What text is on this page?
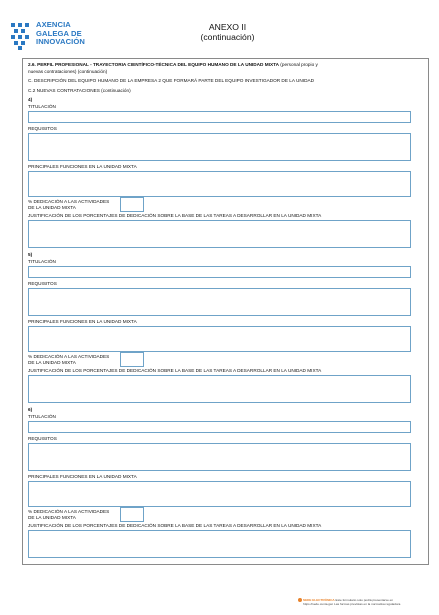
AXENCIA
GALEGA DE
INNOVACIÓN
ANEXO II
(continuación)
2.6. PERFIL PROFESIONAL - TRAYECTORIA CIENTÍFICO-TÉCNICA DEL EQUIPO HUMANO DE LA UNIDAD MIXTA (personal propio y
nuevas contrataciones) (continuación)
C. DESCRIPCIÓN DEL EQUIPO HUMANO DE LA EMPRESA 2 QUE FORMARÁ PARTE DEL EQUIPO INVESTIGADOR DE LA UNIDAD
C.2 NUEVAS CONTRATACIONES (continuación)
4)
TITULACIÓN
REQUISITOS
PRINCIPALES FUNCIONES EN LA UNIDAD MIXTA
% DEDICACIÓN A LAS ACTIVIDADES
DE LA UNIDAD MIXTA
JUSTIFICACIÓN DE LOS PORCENTAJES DE DEDICACIÓN SOBRE LA BASE DE LAS TAREAS A DESARROLLAR EN LA UNIDAD MIXTA
5)
TITULACIÓN
REQUISITOS
PRINCIPALES FUNCIONES EN LA UNIDAD MIXTA
% DEDICACIÓN A LAS ACTIVIDADES
DE LA UNIDAD MIXTA
JUSTIFICACIÓN DE LOS PORCENTAJES DE DEDICACIÓN SOBRE LA BASE DE LAS TAREAS A DESARROLLAR EN LA UNIDAD MIXTA
6)
TITULACIÓN
REQUISITOS
PRINCIPALES FUNCIONES EN LA UNIDAD MIXTA
% DEDICACIÓN A LAS ACTIVIDADES
DE LA UNIDAD MIXTA
JUSTIFICACIÓN DE LOS PORCENTAJES DE DEDICACIÓN SOBRE LA BASE DE LAS TAREAS A DESARROLLAR EN LA UNIDAD MIXTA
SEDE ELECTRÓNICA Este formulario solo podrá presentarse en
https://sede.xunta.gal. Las formas previstas en la normativa reguladora
